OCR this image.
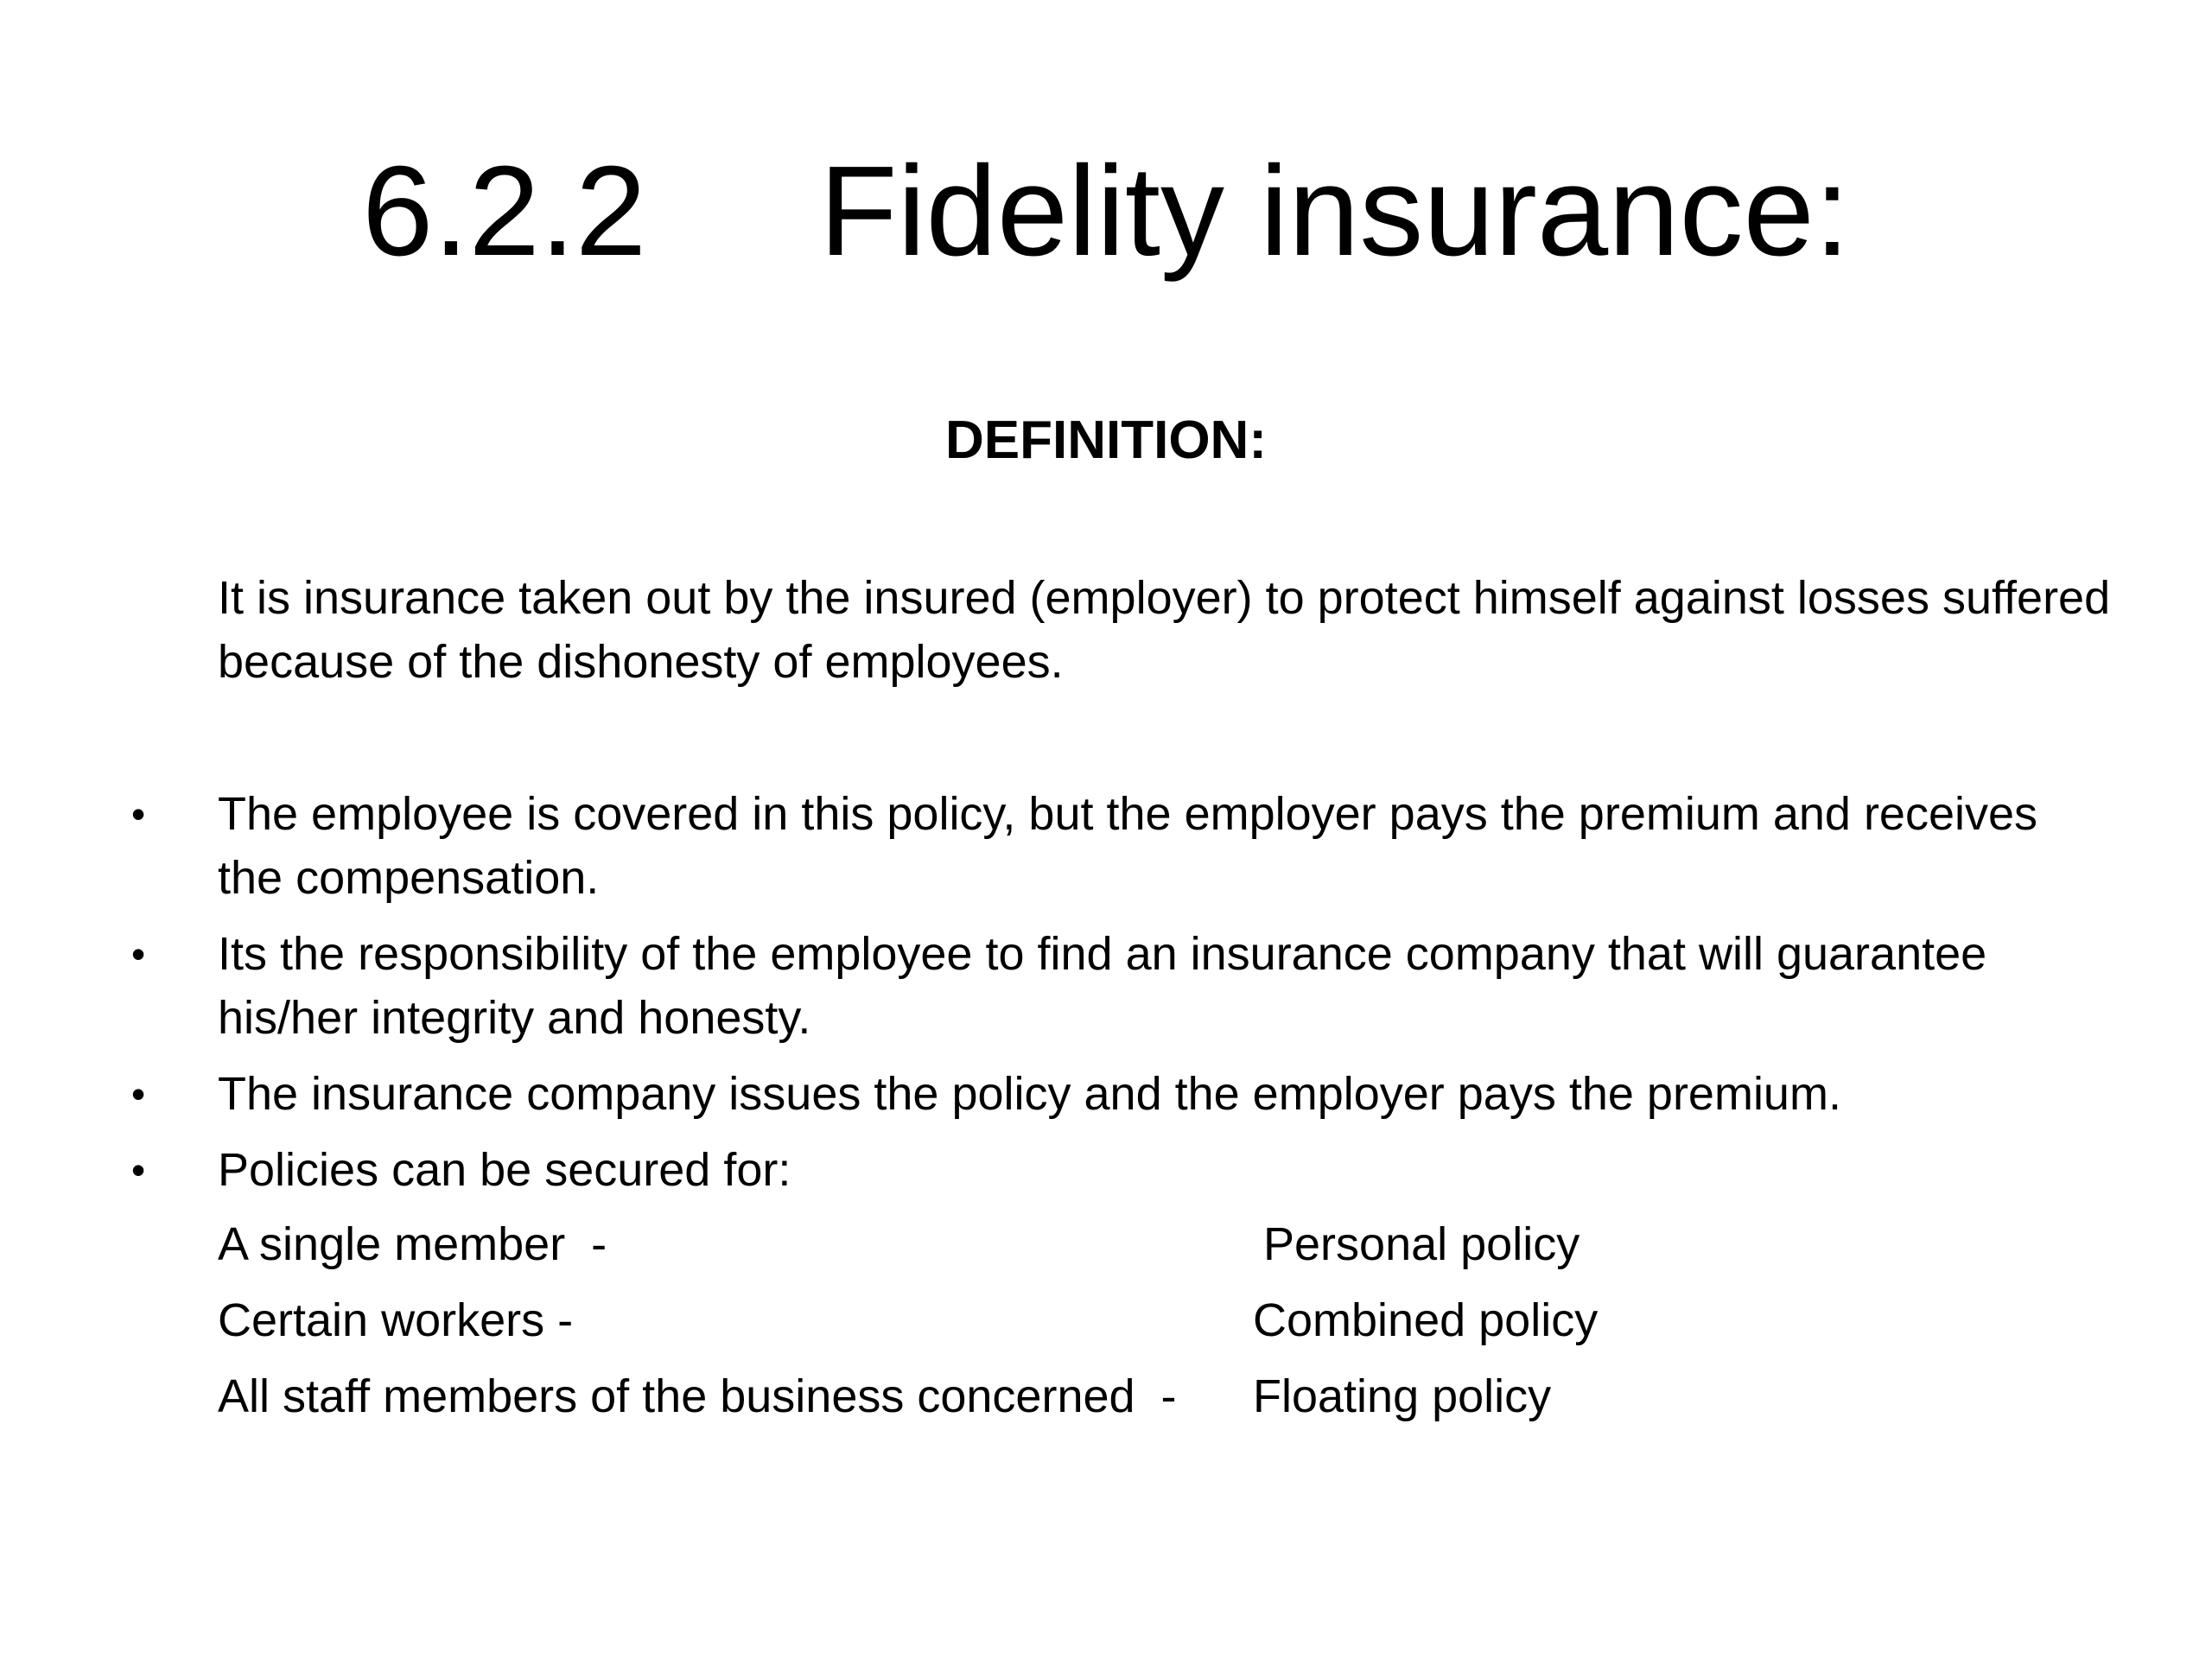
6.2.2 Fidelity insurance:
DEFINITION:
It is insurance taken out by the insured (employer) to protect himself against losses suffered because of the dishonesty of employees.
•	The employee is covered in this policy, but the employer pays the premium and receives the compensation.
•	Its the responsibility of the employee to find an insurance company that will guarantee his/her integrity and honesty.
•	The insurance company issues the policy and the employer pays the premium.
•	Policies can be secured for:
A single member  -	Personal policy
Certain workers -	Combined policy
All staff members of the business concerned  - Floating policy
